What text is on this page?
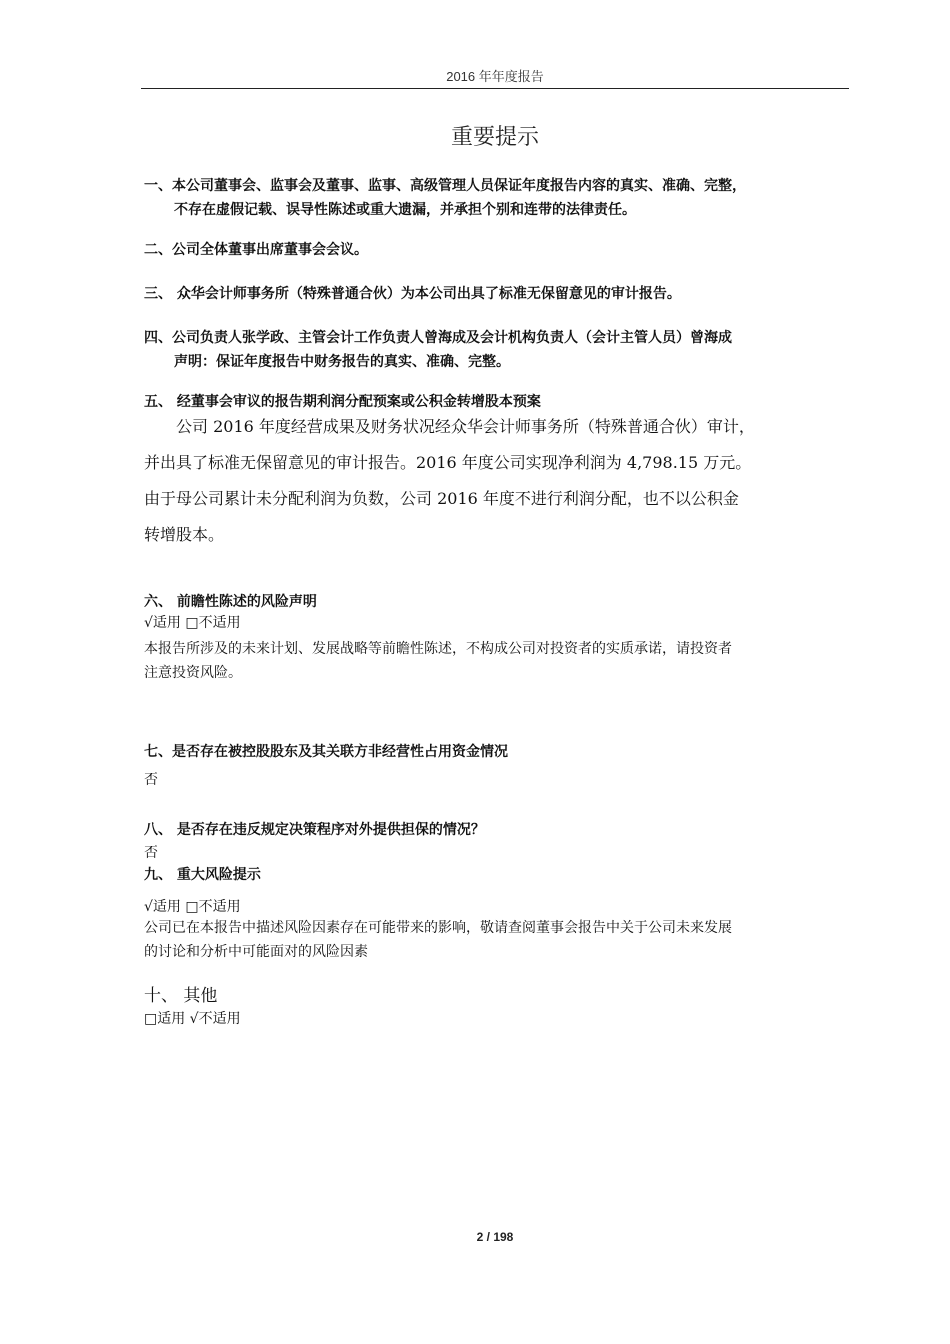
2016 年年度报告
重要提示
一、本公司董事会、监事会及董事、监事、高级管理人员保证年度报告内容的真实、准确、完整，
不存在虚假记载、误导性陈述或重大遗漏，并承担个别和连带的法律责任。
二、公司全体董事出席董事会会议。
三、 众华会计师事务所（特殊普通合伙）为本公司出具了标准无保留意见的审计报告。
四、公司负责人张学政、主管会计工作负责人曾海成及会计机构负责人（会计主管人员）曾海成
声明：保证年度报告中财务报告的真实、准确、完整。
五、 经董事会审议的报告期利润分配预案或公积金转增股本预案
公司 2016 年度经营成果及财务状况经众华会计师事务所（特殊普通合伙）审计，
并出具了标准无保留意见的审计报告。2016 年度公司实现净利润为 4,798.15 万元。
由于母公司累计未分配利润为负数，公司 2016 年度不进行利润分配，也不以公积金
转增股本。
六、 前瞻性陈述的风险声明
√适用 □不适用
本报告所涉及的未来计划、发展战略等前瞻性陈述，不构成公司对投资者的实质承诺，请投资者
注意投资风险。
七、是否存在被控股股东及其关联方非经营性占用资金情况
否
八、 是否存在违反规定决策程序对外提供担保的情况？
否
九、 重大风险提示
√适用 □不适用
公司已在本报告中描述风险因素存在可能带来的影响，敬请查阅董事会报告中关于公司未来发展
的讨论和分析中可能面对的风险因素
十、 其他
□适用 √不适用
2 / 198
